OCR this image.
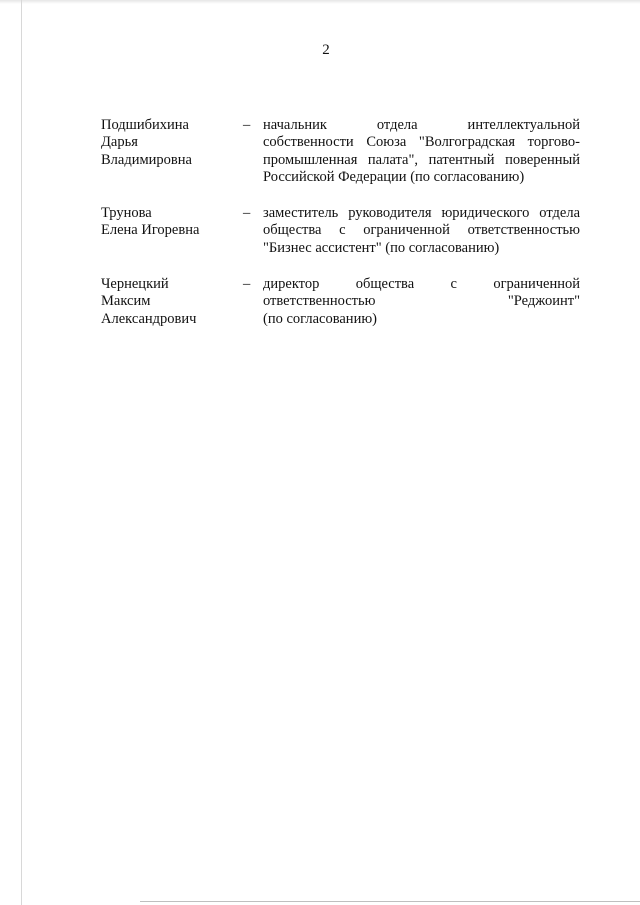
2
Подшибихина
Дарья
Владимировна
– начальник отдела интеллектуальной
собственности Союза "Волгоградская торгово-
промышленная палата", патентный поверенный
Российской Федерации (по согласованию)
Трунова
Елена Игоревна
– заместитель руководителя юридического отдела
общества с ограниченной ответственностью
"Бизнес ассистент" (по согласованию)
Чернецкий
Максим
Александрович
– директор общества с ограниченной
ответственностью	"Реджоинт"
(по согласованию)
